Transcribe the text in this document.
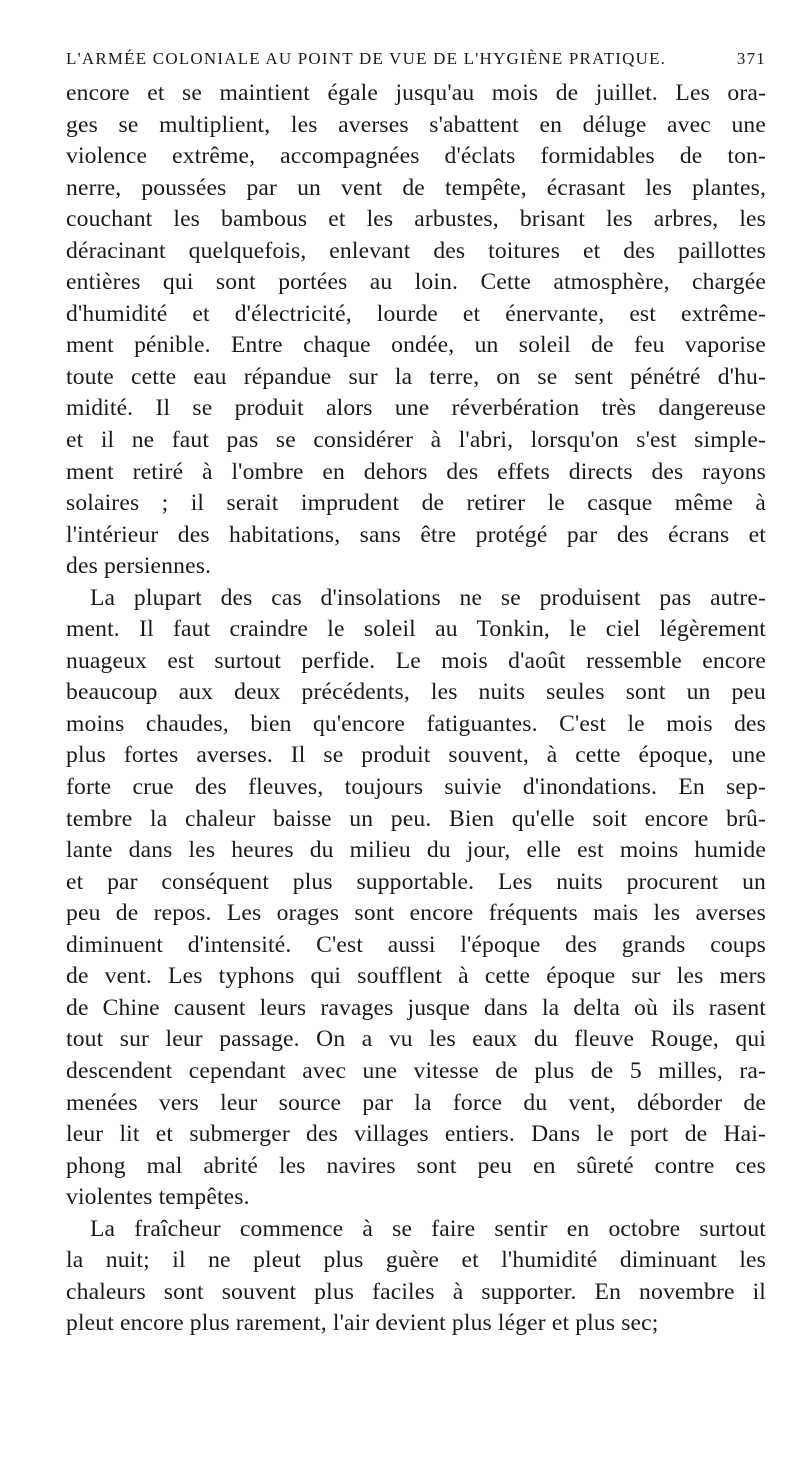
L'ARMÉE COLONIALE AU POINT DE VUE DE L'HYGIÈNE PRATIQUE.	371

encore et se maintient égale jusqu'au mois de juillet. Les ora-
ges se multiplient, les averses s'abattent en déluge avec une
violence extrême, accompagnées d'éclats formidables de ton-
nerre, poussées par un vent de tempête, écrasant les plantes,
couchant les bambous et les arbustes, brisant les arbres, les
déracinant quelquefois, enlevant des toitures et des paillottes
entières qui sont portées au loin. Cette atmosphère, chargée
d'humidité et d'électricité, lourde et énervante, est extrême-
ment pénible. Entre chaque ondée, un soleil de feu vaporise
toute cette eau répandue sur la terre, on se sent pénétré d'hu-
midité. Il se produit alors une réverbération très dangereuse
et il ne faut pas se considérer à l'abri, lorsqu'on s'est simple-
ment retiré à l'ombre en dehors des effets directs des rayons
solaires ; il serait imprudent de retirer le casque même à
l'intérieur des habitations, sans être protégé par des écrans et
des persiennes.

La plupart des cas d'insolations ne se produisent pas autre-
ment. Il faut craindre le soleil au Tonkin, le ciel légèrement
nuageux est surtout perfide. Le mois d'août ressemble encore
beaucoup aux deux précédents, les nuits seules sont un peu
moins chaudes, bien qu'encore fatiguantes. C'est le mois des
plus fortes averses. Il se produit souvent, à cette époque, une
forte crue des fleuves, toujours suivie d'inondations. En sep-
tembre la chaleur baisse un peu. Bien qu'elle soit encore brû-
lante dans les heures du milieu du jour, elle est moins humide
et par conséquent plus supportable. Les nuits procurent un
peu de repos. Les orages sont encore fréquents mais les averses
diminuent d'intensité. C'est aussi l'époque des grands coups
de vent. Les typhons qui soufflent à cette époque sur les mers
de Chine causent leurs ravages jusque dans la delta où ils rasent
tout sur leur passage. On a vu les eaux du fleuve Rouge, qui
descendent cependant avec une vitesse de plus de 5 milles, ra-
menées vers leur source par la force du vent, déborder de
leur lit et submerger des villages entiers. Dans le port de Hai-
phong mal abrité les navires sont peu en sûreté contre ces
violentes tempêtes.

La fraîcheur commence à se faire sentir en octobre surtout
la nuit; il ne pleut plus guère et l'humidité diminuant les
chaleurs sont souvent plus faciles à supporter. En novembre il
pleut encore plus rarement, l'air devient plus léger et plus sec;
